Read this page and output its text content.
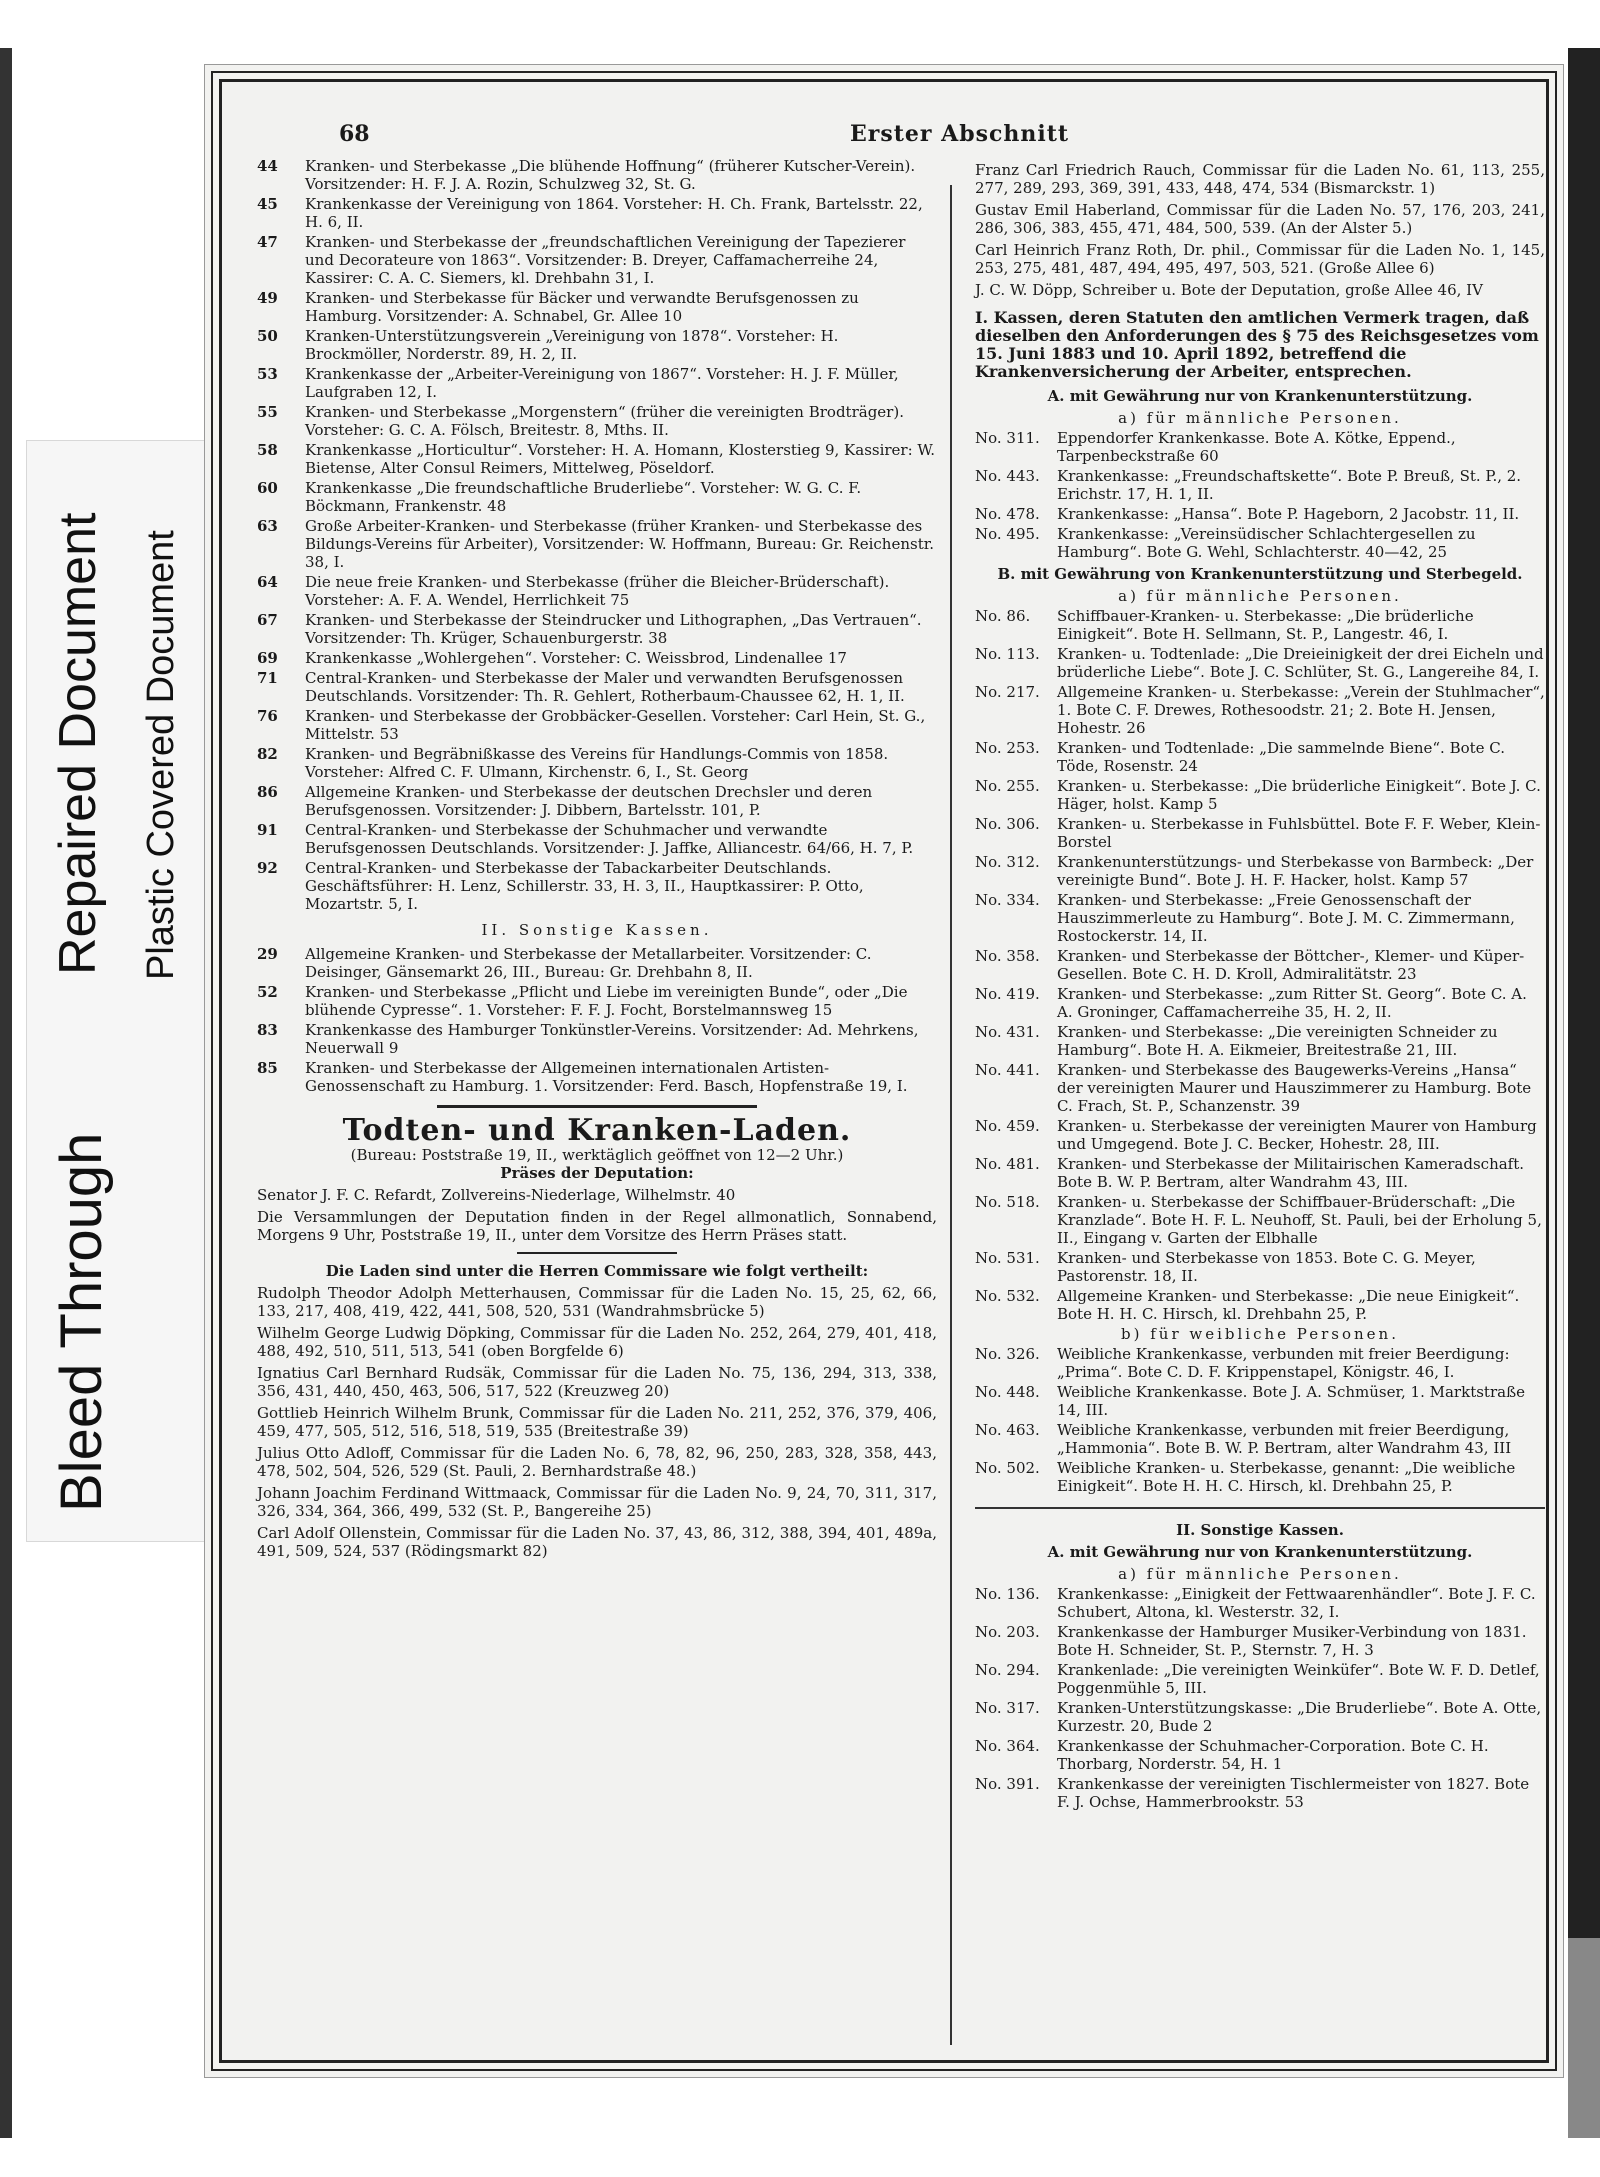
Bleed Through
Repaired Document Plastic Covered Document
68	Erster Abschnitt
44	Kranken- und Sterbekasse „Die blühende Hoffnung“ (früherer Kutscher-Verein). Vorsitzender: H. F. J. A. Rozin, Schulzweg 32, St. G.
45	Krankenkasse der Vereinigung von 1864. Vorsteher: H. Ch. Frank, Bartelsstr. 22, H. 6, II.
47	Kranken- und Sterbekasse der „freundschaftlichen Vereinigung der Tapezierer und Decorateure von 1863“. Vorsitzender: B. Dreyer, Caffamacherreihe 24, Kassirer: C. A. C. Siemers, kl. Drehbahn 31, I.
49	Kranken- und Sterbekasse für Bäcker und verwandte Berufsgenossen zu Hamburg. Vorsitzender: A. Schnabel, Gr. Allee 10
50	Kranken-Unterstützungsverein „Vereinigung von 1878“. Vorsteher: H. Brockmöller, Norderstr. 89, H. 2, II.
53	Krankenkasse der „Arbeiter-Vereinigung von 1867“. Vorsteher: H. J. F. Müller, Laufgraben 12, I.
55	Kranken- und Sterbekasse „Morgenstern“ (früher die vereinigten Brodträger). Vorsteher: G. C. A. Fölsch, Breitestr. 8, Mths. II.
58	Krankenkasse „Horticultur“. Vorsteher: H. A. Homann, Klosterstieg 9, Kassirer: W. Bietense, Alter Consul Reimers, Mittelweg, Pöseldorf.
60	Krankenkasse „Die freundschaftliche Bruderliebe“. Vorsteher: W. G. C. F. Böckmann, Frankenstr. 48
63	Große Arbeiter-Kranken- und Sterbekasse (früher Kranken- und Sterbekasse des Bildungs-Vereins für Arbeiter), Vorsitzender: W. Hoffmann, Bureau: Gr. Reichenstr. 38, I.
64	Die neue freie Kranken- und Sterbekasse (früher die Bleicher-Brüderschaft). Vorsteher: A. F. A. Wendel, Herrlichkeit 75
67	Kranken- und Sterbekasse der Steindrucker und Lithographen, „Das Vertrauen“. Vorsitzender: Th. Krüger, Schauenburgerstr. 38
69	Krankenkasse „Wohlergehen“. Vorsteher: C. Weissbrod, Lindenallee 17
71	Central-Kranken- und Sterbekasse der Maler und verwandten Berufsgenossen Deutschlands. Vorsitzender: Th. R. Gehlert, Rotherbaum-Chaussee 62, H. 1, II.
76	Kranken- und Sterbekasse der Grobbäcker-Gesellen. Vorsteher: Carl Hein, St. G., Mittelstr. 53
82	Kranken- und Begräbnißkasse des Vereins für Handlungs-Commis von 1858. Vorsteher: Alfred C. F. Ulmann, Kirchenstr. 6, I., St. Georg
86	Allgemeine Kranken- und Sterbekasse der deutschen Drechsler und deren Berufsgenossen. Vorsitzender: J. Dibbern, Bartelsstr. 101, P.
91	Central-Kranken- und Sterbekasse der Schuhmacher und verwandte Berufsgenossen Deutschlands. Vorsitzender: J. Jaffke, Alliancestr. 64/66, H. 7, P.
92	Central-Kranken- und Sterbekasse der Tabackarbeiter Deutschlands. Geschäftsführer: H. Lenz, Schillerstr. 33, H. 3, II., Hauptkassirer: P. Otto, Mozartstr. 5, I.
II. Sonstige Kassen.
29	Allgemeine Kranken- und Sterbekasse der Metallarbeiter. Vorsitzender: C. Deisinger, Gänsemarkt 26, III., Bureau: Gr. Drehbahn 8, II.
52	Kranken- und Sterbekasse „Pflicht und Liebe im vereinigten Bunde“, oder „Die blühende Cypresse“. 1. Vorsteher: F. F. J. Focht, Borstelmannsweg 15
83	Krankenkasse des Hamburger Tonkünstler-Vereins. Vorsitzender: Ad. Mehrkens, Neuerwall 9
85	Kranken- und Sterbekasse der Allgemeinen internationalen Artisten-Genossenschaft zu Hamburg. 1. Vorsitzender: Ferd. Basch, Hopfenstraße 19, I.
Todten- und Kranken-Laden.
(Bureau: Poststraße 19, II., werktäglich geöffnet von 12—2 Uhr.)
Präses der Deputation:
Senator J. F. C. Refardt, Zollvereins-Niederlage, Wilhelmstr. 40
Die Versammlungen der Deputation finden in der Regel allmonatlich, Sonnabend, Morgens 9 Uhr, Poststraße 19, II., unter dem Vorsitze des Herrn Präses statt.
Die Laden sind unter die Herren Commissare wie folgt vertheilt:
Rudolph Theodor Adolph Metterhausen, Commissar für die Laden No. 15, 25, 62, 66, 133, 217, 408, 419, 422, 441, 508, 520, 531 (Wandrahmsbrücke 5)
Wilhelm George Ludwig Döpking, Commissar für die Laden No. 252, 264, 279, 401, 418, 488, 492, 510, 511, 513, 541 (oben Borgfelde 6)
Ignatius Carl Bernhard Rudsäk, Commissar für die Laden No. 75, 136, 294, 313, 338, 356, 431, 440, 450, 463, 506, 517, 522 (Kreuzweg 20)
Gottlieb Heinrich Wilhelm Brunk, Commissar für die Laden No. 211, 252, 376, 379, 406, 459, 477, 505, 512, 516, 518, 519, 535 (Breitestraße 39)
Julius Otto Adloff, Commissar für die Laden No. 6, 78, 82, 96, 250, 283, 328, 358, 443, 478, 502, 504, 526, 529 (St. Pauli, 2. Bernhardstraße 48.)
Johann Joachim Ferdinand Wittmaack, Commissar für die Laden No. 9, 24, 70, 311, 317, 326, 334, 364, 366, 499, 532 (St. P., Bangereihe 25)
Carl Adolf Ollenstein, Commissar für die Laden No. 37, 43, 86, 312, 388, 394, 401, 489a, 491, 509, 524, 537 (Rödingsmarkt 82)
Franz Carl Friedrich Rauch, Commissar für die Laden No. 61, 113, 255, 277, 289, 293, 369, 391, 433, 448, 474, 534 (Bismarckstr. 1)
Gustav Emil Haberland, Commissar für die Laden No. 57, 176, 203, 241, 286, 306, 383, 455, 471, 484, 500, 539. (An der Alster 5.)
Carl Heinrich Franz Roth, Dr. phil., Commissar für die Laden No. 1, 145, 253, 275, 481, 487, 494, 495, 497, 503, 521. (Große Allee 6)
J. C. W. Döpp, Schreiber u. Bote der Deputation, große Allee 46, IV
I. Kassen, deren Statuten den amtlichen Vermerk tragen, daß dieselben den Anforderungen des § 75 des Reichsgesetzes vom 15. Juni 1883 und 10. April 1892, betreffend die Krankenversicherung der Arbeiter, entsprechen.
A. mit Gewährung nur von Krankenunterstützung.
a) für männliche Personen.
No. 311.	Eppendorfer Krankenkasse. Bote A. Kötke, Eppend., Tarpenbeckstraße 60
No. 443.	Krankenkasse: „Freundschaftskette“. Bote P. Breuß, St. P., 2. Erichstr. 17, H. 1, II.
No. 478.	Krankenkasse: „Hansa“. Bote P. Hageborn, 2 Jacobstr. 11, II.
No. 495.	Krankenkasse: „Vereinsüdischer Schlachtergesellen zu Hamburg“. Bote G. Wehl, Schlachterstr. 40—42, 25
B. mit Gewährung von Krankenunterstützung und Sterbegeld.
a) für männliche Personen.
No. 86.	Schiffbauer-Kranken- u. Sterbekasse: „Die brüderliche Einigkeit“. Bote H. Sellmann, St. P., Langestr. 46, I.
No. 113.	Kranken- u. Todtenlade: „Die Dreieinigkeit der drei Eicheln und brüderliche Liebe“. Bote J. C. Schlüter, St. G., Langereihe 84, I.
No. 217.	Allgemeine Kranken- u. Sterbekasse: „Verein der Stuhlmacher“, 1. Bote C. F. Drewes, Rothesoodstr. 21; 2. Bote H. Jensen, Hohestr. 26
No. 253.	Kranken- und Todtenlade: „Die sammelnde Biene“. Bote C. Töde, Rosenstr. 24
No. 255.	Kranken- u. Sterbekasse: „Die brüderliche Einigkeit“. Bote J. C. Häger, holst. Kamp 5
No. 306.	Kranken- u. Sterbekasse in Fuhlsbüttel. Bote F. F. Weber, Klein-Borstel
No. 312.	Krankenunterstützungs- und Sterbekasse von Barmbeck: „Der vereinigte Bund“. Bote J. H. F. Hacker, holst. Kamp 57
No. 334.	Kranken- und Sterbekasse: „Freie Genossenschaft der Hauszimmerleute zu Hamburg“. Bote J. M. C. Zimmermann, Rostockerstr. 14, II.
No. 358.	Kranken- und Sterbekasse der Böttcher-, Klemer- und Küper-Gesellen. Bote C. H. D. Kroll, Admiralitätstr. 23
No. 419.	Kranken- und Sterbekasse: „zum Ritter St. Georg“. Bote C. A. A. Groninger, Caffamacherreihe 35, H. 2, II.
No. 431.	Kranken- und Sterbekasse: „Die vereinigten Schneider zu Hamburg“. Bote H. A. Eikmeier, Breitestraße 21, III.
No. 441.	Kranken- und Sterbekasse des Baugewerks-Vereins „Hansa“ der vereinigten Maurer und Hauszimmerer zu Hamburg. Bote C. Frach, St. P., Schanzenstr. 39
No. 459.	Kranken- u. Sterbekasse der vereinigten Maurer von Hamburg und Umgegend. Bote J. C. Becker, Hohestr. 28, III.
No. 481.	Kranken- und Sterbekasse der Militairischen Kameradschaft. Bote B. W. P. Bertram, alter Wandrahm 43, III.
No. 518.	Kranken- u. Sterbekasse der Schiffbauer-Brüderschaft: „Die Kranzlade“. Bote H. F. L. Neuhoff, St. Pauli, bei der Erholung 5, II., Eingang v. Garten der Elbhalle
No. 531.	Kranken- und Sterbekasse von 1853. Bote C. G. Meyer, Pastorenstr. 18, II.
No. 532.	Allgemeine Kranken- und Sterbekasse: „Die neue Einigkeit“. Bote H. H. C. Hirsch, kl. Drehbahn 25, P.
b) für weibliche Personen.
No. 326.	Weibliche Krankenkasse, verbunden mit freier Beerdigung: „Prima“. Bote C. D. F. Krippenstapel, Königstr. 46, I.
No. 448.	Weibliche Krankenkasse. Bote J. A. Schmüser, 1. Marktstraße 14, III.
No. 463.	Weibliche Krankenkasse, verbunden mit freier Beerdigung, „Hammonia“. Bote B. W. P. Bertram, alter Wandrahm 43, III
No. 502.	Weibliche Kranken- u. Sterbekasse, genannt: „Die weibliche Einigkeit“. Bote H. H. C. Hirsch, kl. Drehbahn 25, P.
II. Sonstige Kassen.
A. mit Gewährung nur von Krankenunterstützung.
a) für männliche Personen.
No. 136.	Krankenkasse: „Einigkeit der Fettwaarenhändler“. Bote J. F. C. Schubert, Altona, kl. Westerstr. 32, I.
No. 203.	Krankenkasse der Hamburger Musiker-Verbindung von 1831. Bote H. Schneider, St. P., Sternstr. 7, H. 3
No. 294.	Krankenlade: „Die vereinigten Weinküfer“. Bote W. F. D. Detlef, Poggenmühle 5, III.
No. 317.	Kranken-Unterstützungskasse: „Die Bruderliebe“. Bote A. Otte, Kurzestr. 20, Bude 2
No. 364.	Krankenkasse der Schuhmacher-Corporation. Bote C. H. Thorbarg, Norderstr. 54, H. 1
No. 391.	Krankenkasse der vereinigten Tischlermeister von 1827. Bote F. J. Ochse, Hammerbrookstr. 53
